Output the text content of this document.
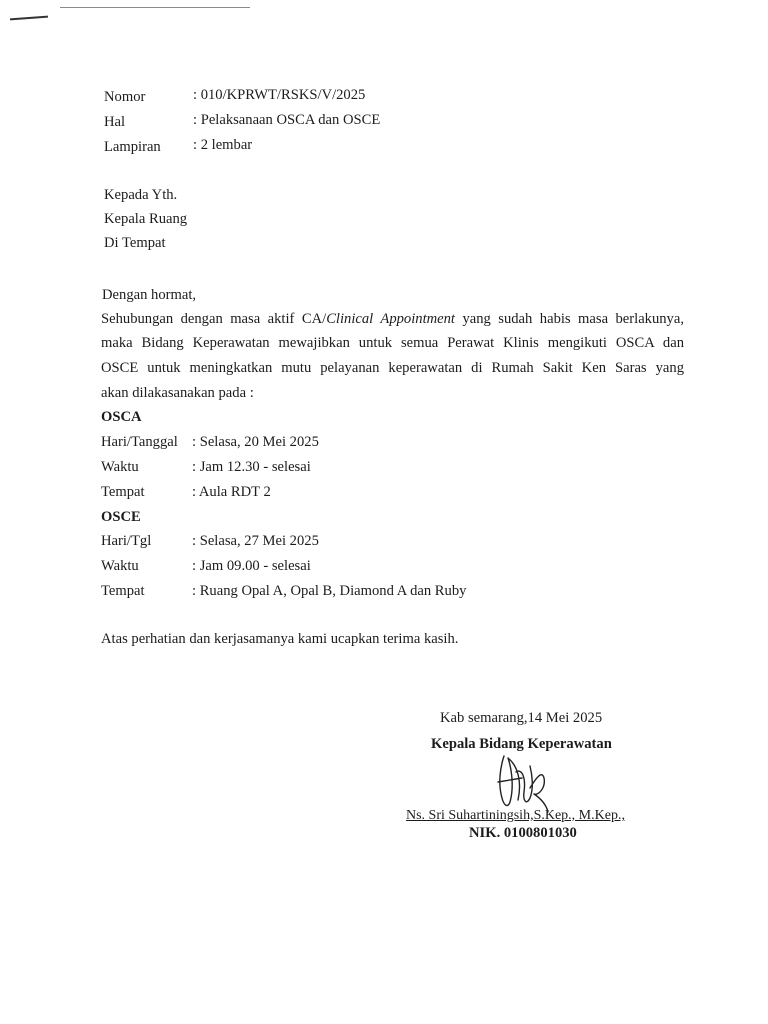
Nomor	: 010/KPRWT/RSKS/V/2025
Hal	: Pelaksanaan OSCA dan OSCE
Lampiran : 2 lembar
Kepada Yth.
Kepala Ruang
Di Tempat
Dengan hormat,
Sehubungan dengan masa aktif CA/Clinical Appointment yang sudah habis masa berlakunya,
maka Bidang Keperawatan mewajibkan untuk semua Perawat Klinis mengikuti OSCA dan
OSCE untuk meningkatkan mutu pelayanan keperawatan di Rumah Sakit Ken Saras yang
akan dilakasanakan pada :
OSCA
Hari/Tanggal : Selasa, 20 Mei 2025
Waktu	: Jam 12.30 - selesai
Tempat	: Aula RDT 2
OSCE
Hari/Tgl	: Selasa, 27 Mei 2025
Waktu	: Jam 09.00 - selesai
Tempat	: Ruang Opal A, Opal B, Diamond A dan Ruby
Atas perhatian dan kerjasamanya kami ucapkan terima kasih.
Kab semarang,14 Mei 2025
Kepala Bidang Keperawatan
Ns. Sri Suhartiningsih,S.Kep., M.Kep.,
NIK. 0100801030
